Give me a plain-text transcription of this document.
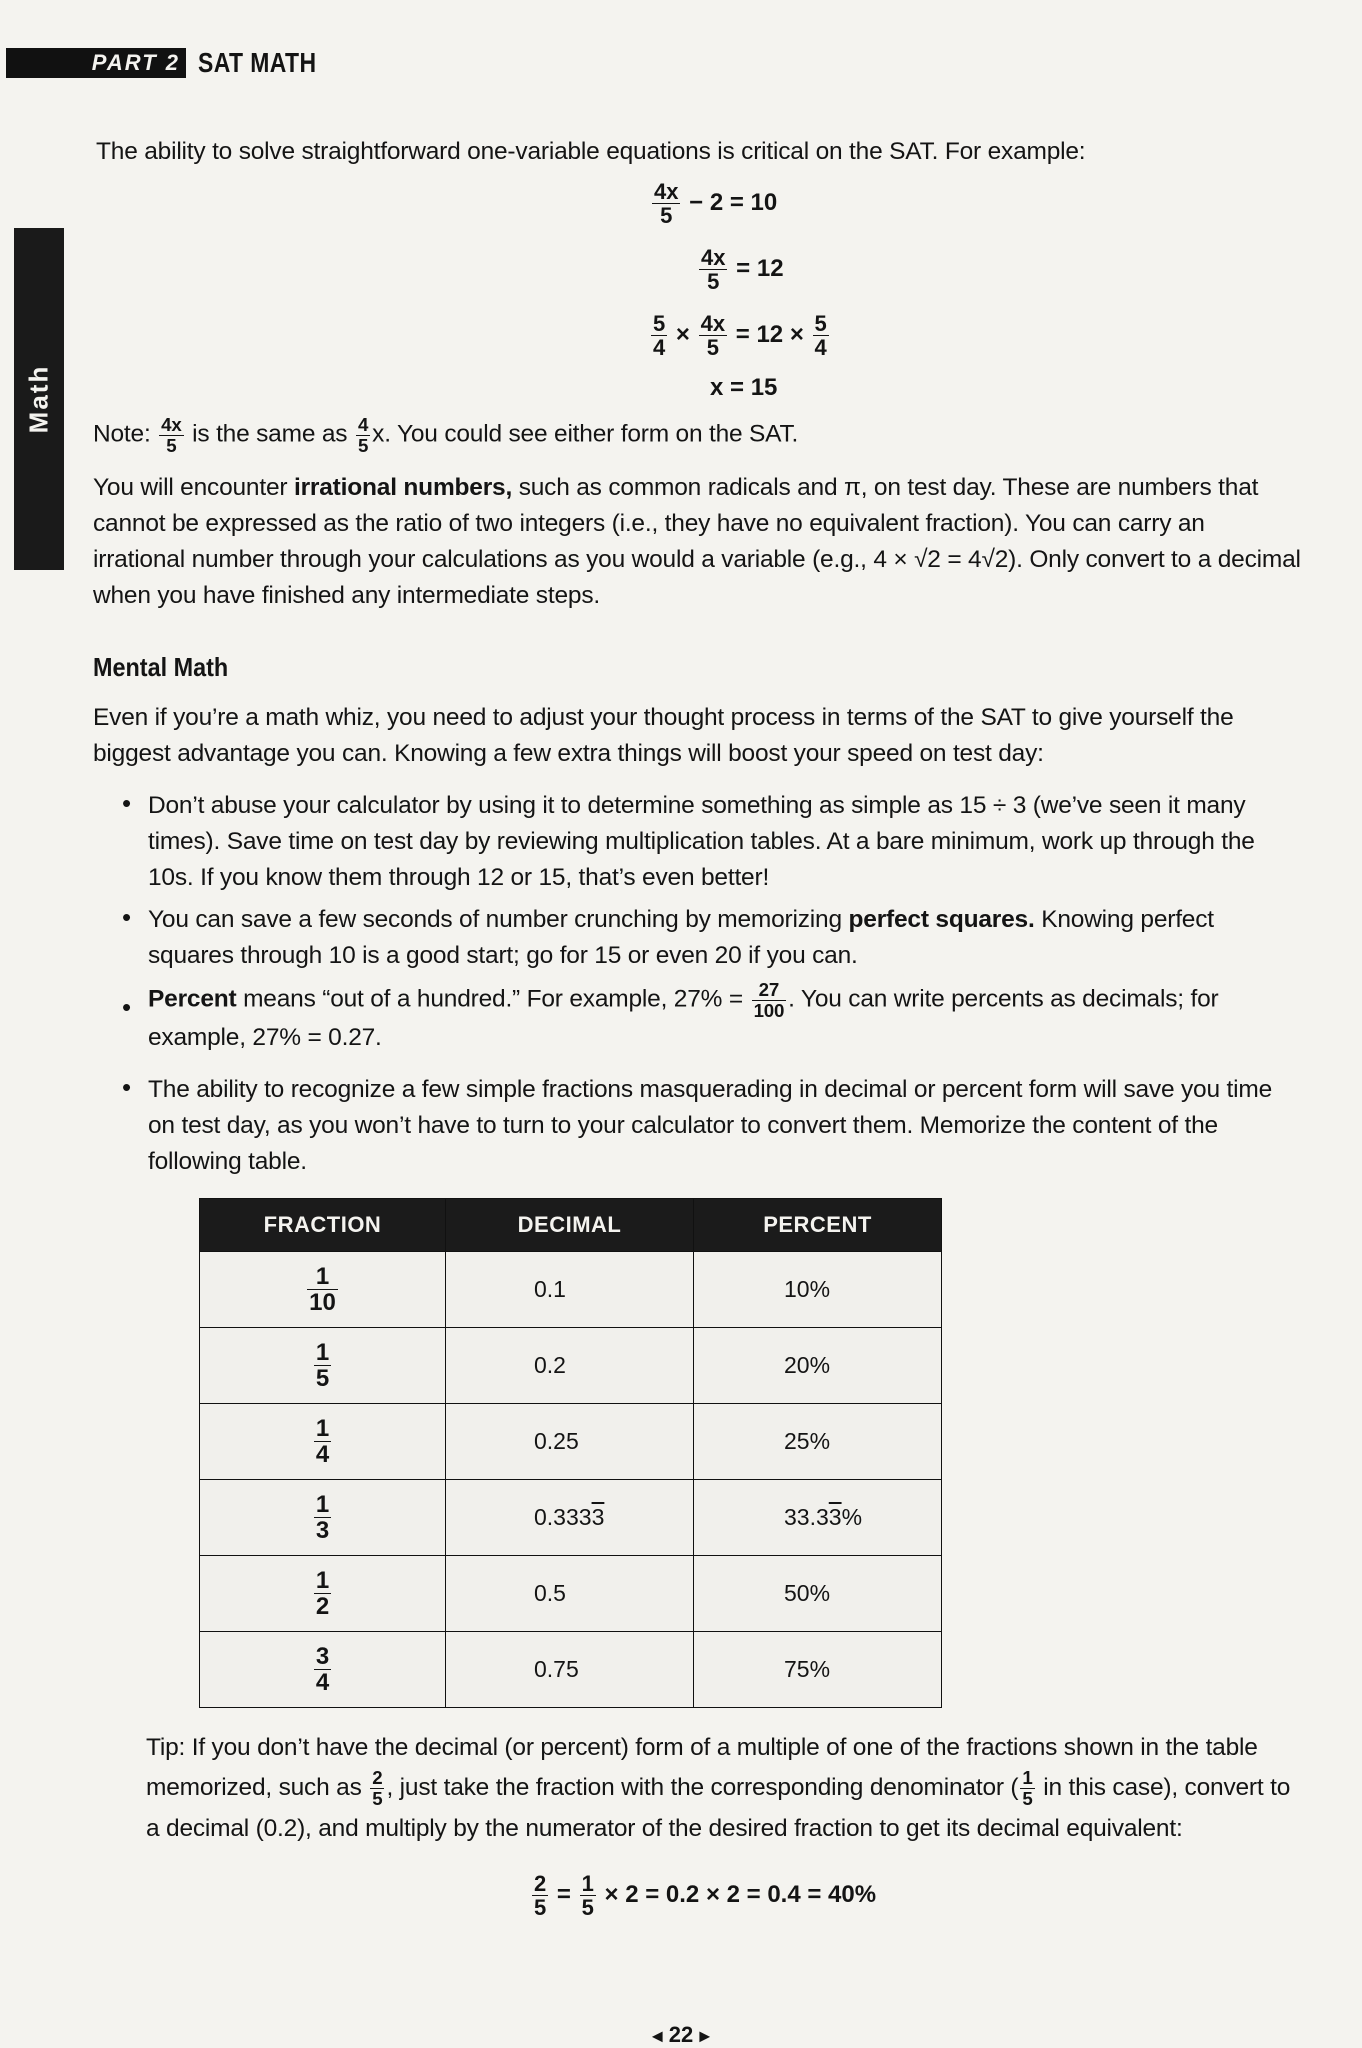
PART 2 SAT MATH
Math
The ability to solve straightforward one-variable equations is critical on the SAT. For example:
$\frac{4x}{5} - 2 = 10$
$\frac{4x}{5} = 12$
$\frac{5}{4} \times \frac{4x}{5} = 12 \times \frac{5}{4}$
x = 15
Note: $\frac{4x}{5}$ is the same as $\frac{4}{5} x$. You could see either form on the SAT.
You will encounter irrational numbers, such as common radicals and π, on test day. These are numbers that cannot be expressed as the ratio of two integers (i.e., they have no equivalent fraction). You can carry an irrational number through your calculations as you would a variable (e.g., 4 × √2 = 4√2). Only convert to a decimal when you have finished any intermediate steps.
Mental Math
Even if you’re a math whiz, you need to adjust your thought process in terms of the SAT to give yourself the biggest advantage you can. Knowing a few extra things will boost your speed on test day:
•
Don’t abuse your calculator by using it to determine something as simple as 15 ÷ 3 (we’ve seen it many times). Save time on test day by reviewing multiplication tables. At a bare minimum, work up through the 10s. If you know them through 12 or 15, that’s even better!
•
You can save a few seconds of number crunching by memorizing perfect squares. Knowing perfect squares through 10 is a good start; go for 15 or even 20 if you can.
•
Percent means “out of a hundred.” For example, $27\% = \frac{27}{100}$ . You can write percents as decimals; for example, 27% = 0.27.
•
The ability to recognize a few simple fractions masquerading in decimal or percent form will save you time on test day, as you won’t have to turn to your calculator to convert them. Memorize the content of the following table.
FRACTION	DECIMAL	PERCENT

$\frac{1}{10}$	0.1	10%

$\frac{1}{5}$	0.2	20%

$\frac{1}{4}$	0.25	25%

$\frac{1}{3}$	0.3333	33.33%

$\frac{1}{2}$	0.5	50%

$\frac{3}{4}$	0.75	75%
Tip: If you don’t have the decimal (or percent) form of a multiple of one of the fractions shown in the table memorized, such as $\frac{2}{5}$ , just take the fraction with the corresponding denominator ( $\frac{1}{5}$ in this case), convert to a decimal (0.2), and multiply by the numerator of the desired fraction to get its decimal equivalent:
$\frac{2}{5} = \frac{1}{5} \times 2 = 0.2 \times 2 = 0.4 = 40\%$
◀ 22 ▶
